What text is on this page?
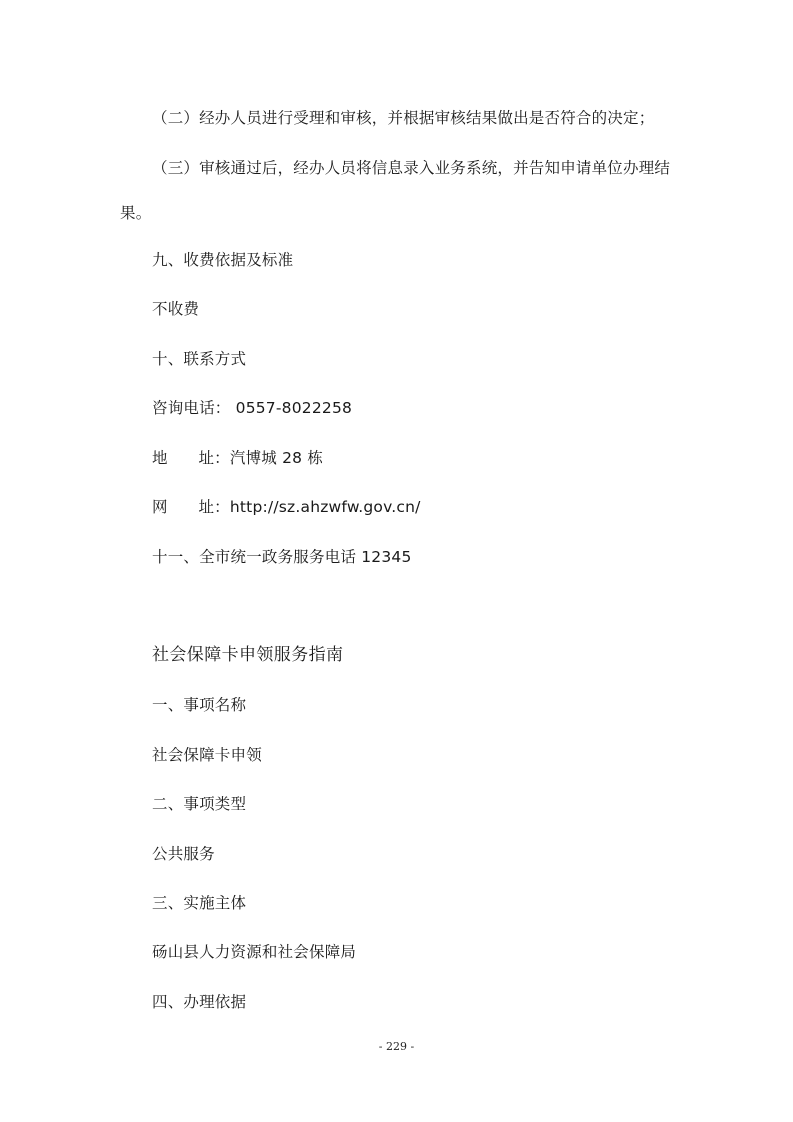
（二）经办人员进行受理和审核，并根据审核结果做出是否符合的决定；
（三）审核通过后，经办人员将信息录入业务系统，并告知申请单位办理结
果。
九、收费依据及标准
不收费
十、联系方式
咨询电话： 0557-8022258
地      址：汽博城 28 栋
网      址：http://sz.ahzwfw.gov.cn/
十一、全市统一政务服务电话 12345
社会保障卡申领服务指南
一、事项名称
社会保障卡申领
二、事项类型
公共服务
三、实施主体
砀山县人力资源和社会保障局
四、办理依据
- 229 -
